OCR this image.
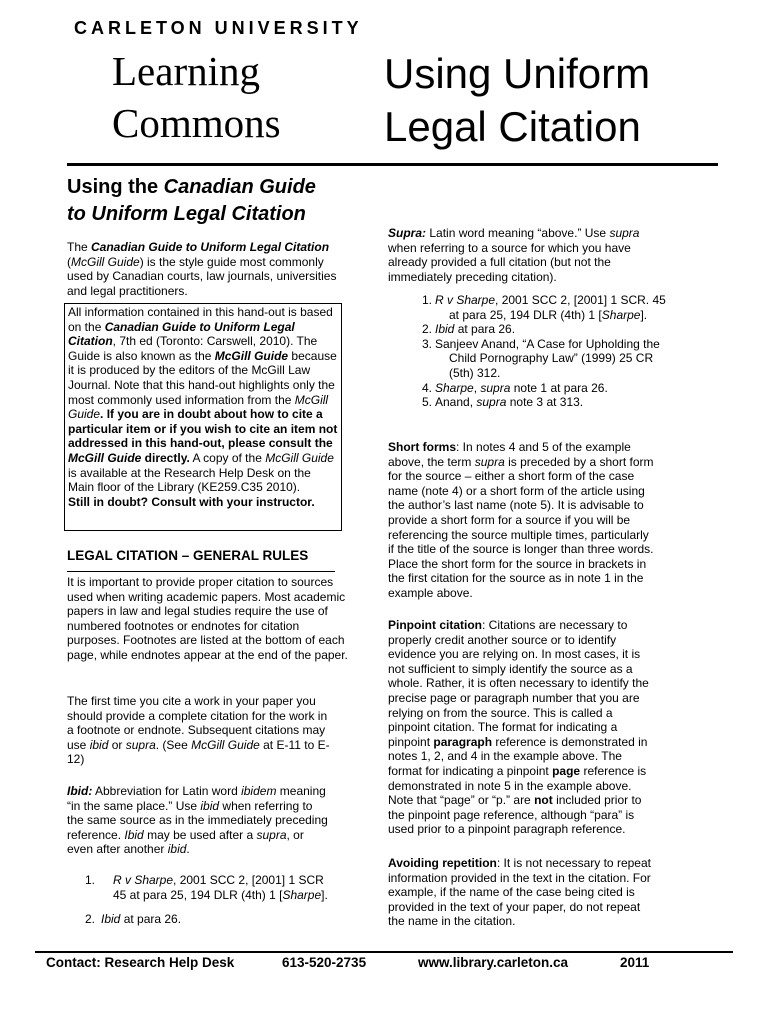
CARLETON UNIVERSITY
Learning
Commons
Using Uniform
Legal Citation
Using the Canadian Guide
to Uniform Legal Citation
The Canadian Guide to Uniform Legal Citation (McGill Guide) is the style guide most commonly used by Canadian courts, law journals, universities and legal practitioners.
All information contained in this hand-out is based on the Canadian Guide to Uniform Legal Citation, 7th ed (Toronto: Carswell, 2010). The Guide is also known as the McGill Guide because it is produced by the editors of the McGill Law Journal. Note that this hand-out highlights only the most commonly used information from the McGill Guide. If you are in doubt about how to cite a particular item or if you wish to cite an item not addressed in this hand-out, please consult the McGill Guide directly. A copy of the McGill Guide is available at the Research Help Desk on the Main floor of the Library (KE259.C35 2010).
Still in doubt? Consult with your instructor.
LEGAL CITATION – GENERAL RULES
It is important to provide proper citation to sources used when writing academic papers. Most academic papers in law and legal studies require the use of numbered footnotes or endnotes for citation purposes. Footnotes are listed at the bottom of each page, while endnotes appear at the end of the paper.
The first time you cite a work in your paper you should provide a complete citation for the work in a footnote or endnote. Subsequent citations may use ibid or supra. (See McGill Guide at E-11 to E-12)
Ibid: Abbreviation for Latin word ibidem meaning “in the same place.” Use ibid when referring to the same source as in the immediately preceding reference. Ibid may be used after a supra, or even after another ibid.
1. R v Sharpe, 2001 SCC 2, [2001] 1 SCR 45 at para 25, 194 DLR (4th) 1 [Sharpe].
2. Ibid at para 26.
Supra: Latin word meaning “above.” Use supra when referring to a source for which you have already provided a full citation (but not the immediately preceding citation).
1. R v Sharpe, 2001 SCC 2, [2001] 1 SCR. 45 at para 25, 194 DLR (4th) 1 [Sharpe].
2. Ibid at para 26.
3. Sanjeev Anand, “A Case for Upholding the Child Pornography Law” (1999) 25 CR (5th) 312.
4. Sharpe, supra note 1 at para 26.
5. Anand, supra note 3 at 313.
Short forms: In notes 4 and 5 of the example above, the term supra is preceded by a short form for the source – either a short form of the case name (note 4) or a short form of the article using the author’s last name (note 5). It is advisable to provide a short form for a source if you will be referencing the source multiple times, particularly if the title of the source is longer than three words. Place the short form for the source in brackets in the first citation for the source as in note 1 in the example above.
Pinpoint citation: Citations are necessary to properly credit another source or to identify evidence you are relying on. In most cases, it is not sufficient to simply identify the source as a whole. Rather, it is often necessary to identify the precise page or paragraph number that you are relying on from the source. This is called a pinpoint citation. The format for indicating a pinpoint paragraph reference is demonstrated in notes 1, 2, and 4 in the example above. The format for indicating a pinpoint page reference is demonstrated in note 5 in the example above. Note that “page” or “p.” are not included prior to the pinpoint page reference, although “para” is used prior to a pinpoint paragraph reference.
Avoiding repetition: It is not necessary to repeat information provided in the text in the citation. For example, if the name of the case being cited is provided in the text of your paper, do not repeat the name in the citation.
Contact: Research Help Desk	613-520-2735	www.library.carleton.ca	2011
